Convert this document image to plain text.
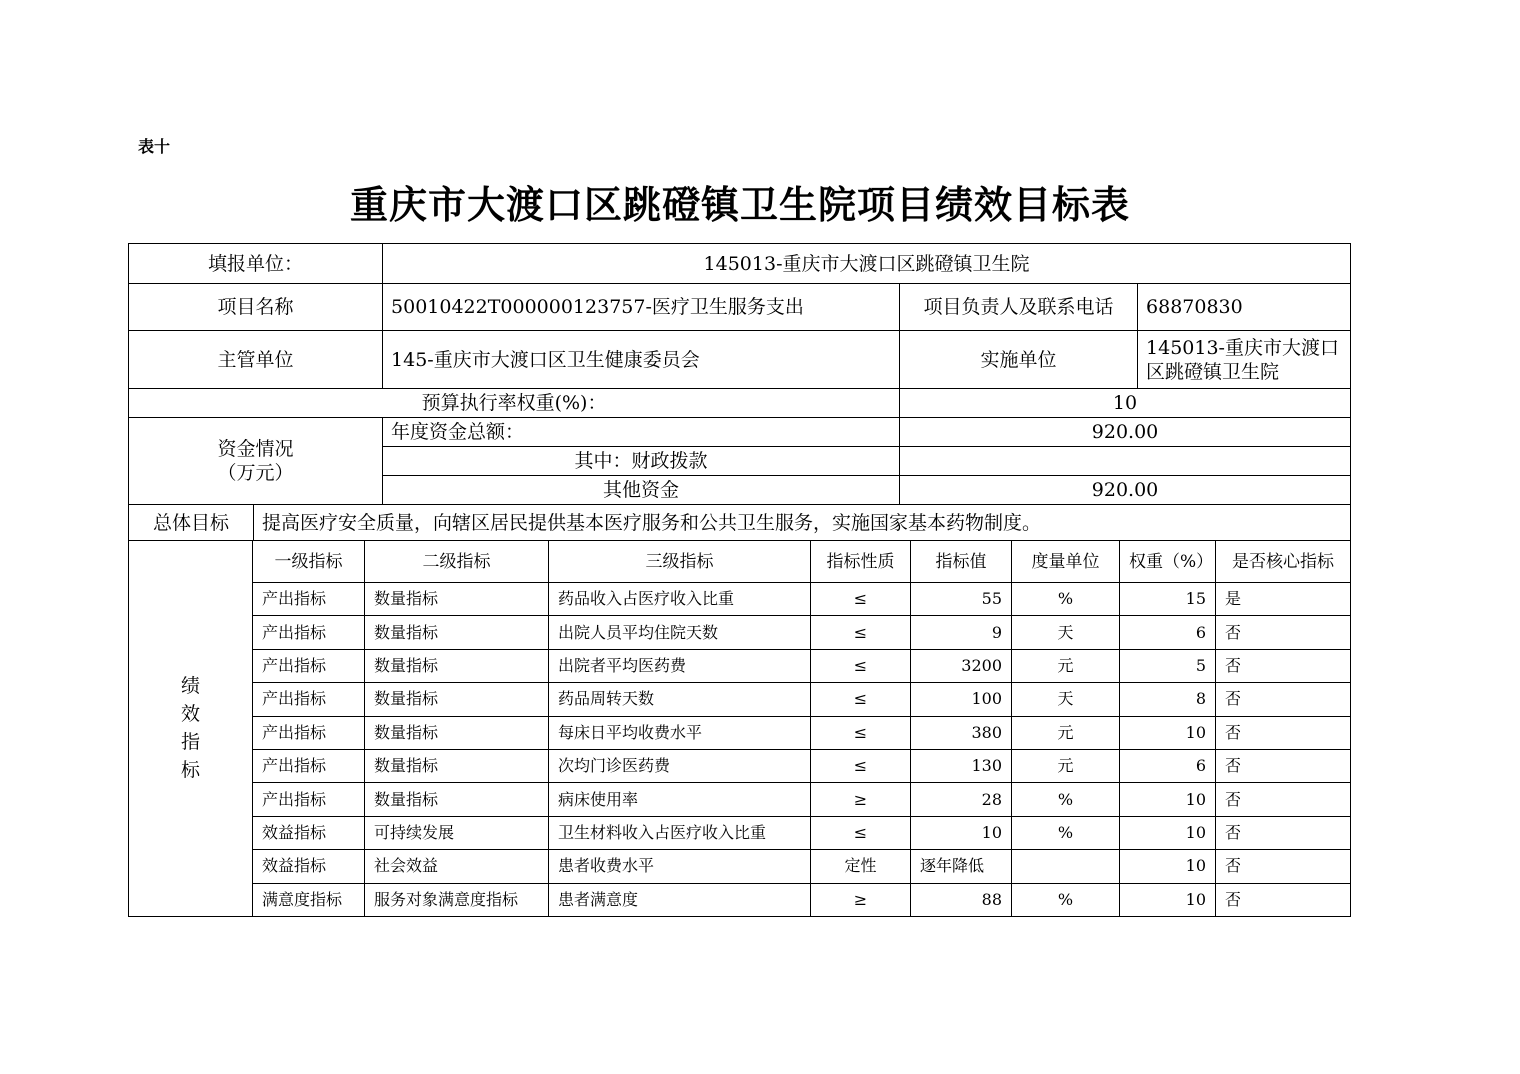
表十
重庆市大渡口区跳磴镇卫生院项目绩效目标表
填报单位：		145013-重庆市大渡口区跳磴镇卫生院		
项目名称		50010422T000000123757-医疗卫生服务支出	项目负责人及联系电话	68870830
主管单位		145-重庆市大渡口区卫生健康委员会	实施单位	145013-重庆市大渡口区跳磴镇卫生院
预算执行率权重(%)：			10	
资金情况（万元）		年度资金总额：	920.00	
		其中：财政拨款		
		其他资金	920.00	
总体目标	提高医疗安全质量，向辖区居民提供基本医疗服务和公共卫生服务，实施国家基本药物制度。			
绩效指标	一级指标	二级指标	三级指标	指标性质	指标值	度量单位	权重（%）	是否核心指标
	产出指标	数量指标	药品收入占医疗收入比重	≤	55	%	15	是
	产出指标	数量指标	出院人员平均住院天数	≤	9	天	6	否
	产出指标	数量指标	出院者平均医药费	≤	3200	元	5	否
	产出指标	数量指标	药品周转天数	≤	100	天	8	否
	产出指标	数量指标	每床日平均收费水平	≤	380	元	10	否
	产出指标	数量指标	次均门诊医药费	≤	130	元	6	否
	产出指标	数量指标	病床使用率	≥	28	%	10	否
	效益指标	可持续发展	卫生材料收入占医疗收入比重	≤	10	%	10	否
	效益指标	社会效益	患者收费水平	定性	逐年降低		10	否
	满意度指标	服务对象满意度指标	患者满意度	≥	88	%	10	否
